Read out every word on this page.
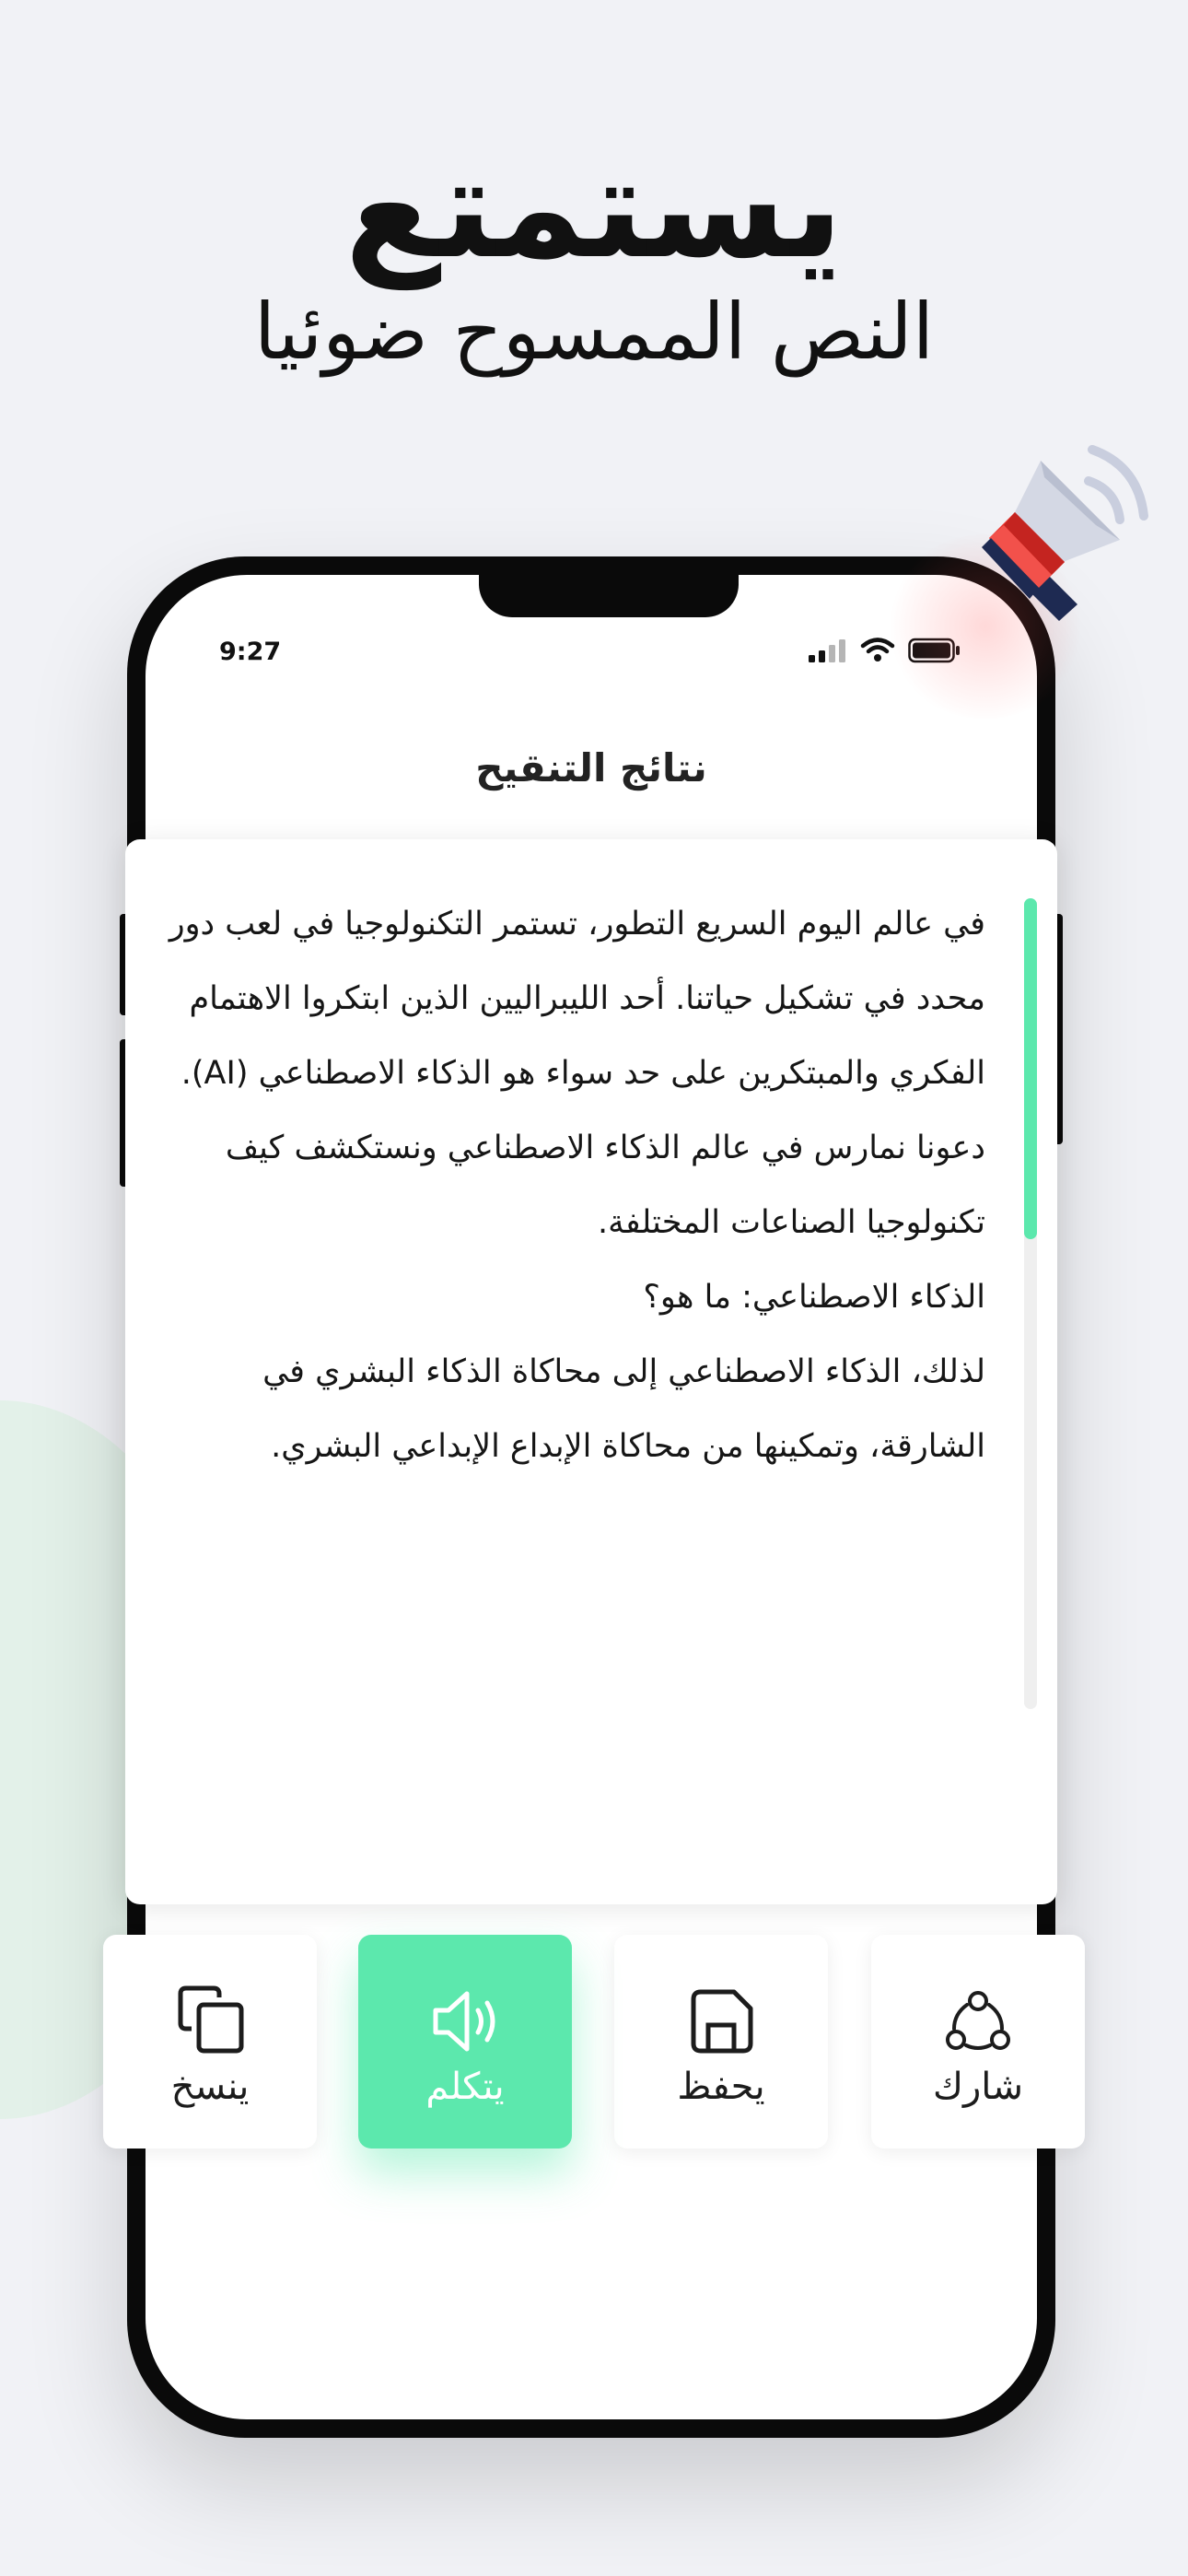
يستمتع
النص الممسوح ضوئيا
9:27
نتائج التنقيح

في عالم اليوم السريع التطور، تستمر التكنولوجيا في لعب دور محدد في تشكيل حياتنا. أحد الليبراليين الذين ابتكروا الاهتمام الفكري والمبتكرين على حد سواء هو الذكاء الاصطناعي (AI). دعونا نمارس في عالم الذكاء الاصطناعي ونستكشف كيف تكنولوجيا الصناعات المختلفة.

الذكاء الاصطناعي: ما هو؟

لذلك، الذكاء الاصطناعي إلى محاكاة الذكاء البشري في الشارقة، وتمكينها من محاكاة الإبداع الإبداعي البشري.

شارك
يحفظ
يتكلم
ينسخ
